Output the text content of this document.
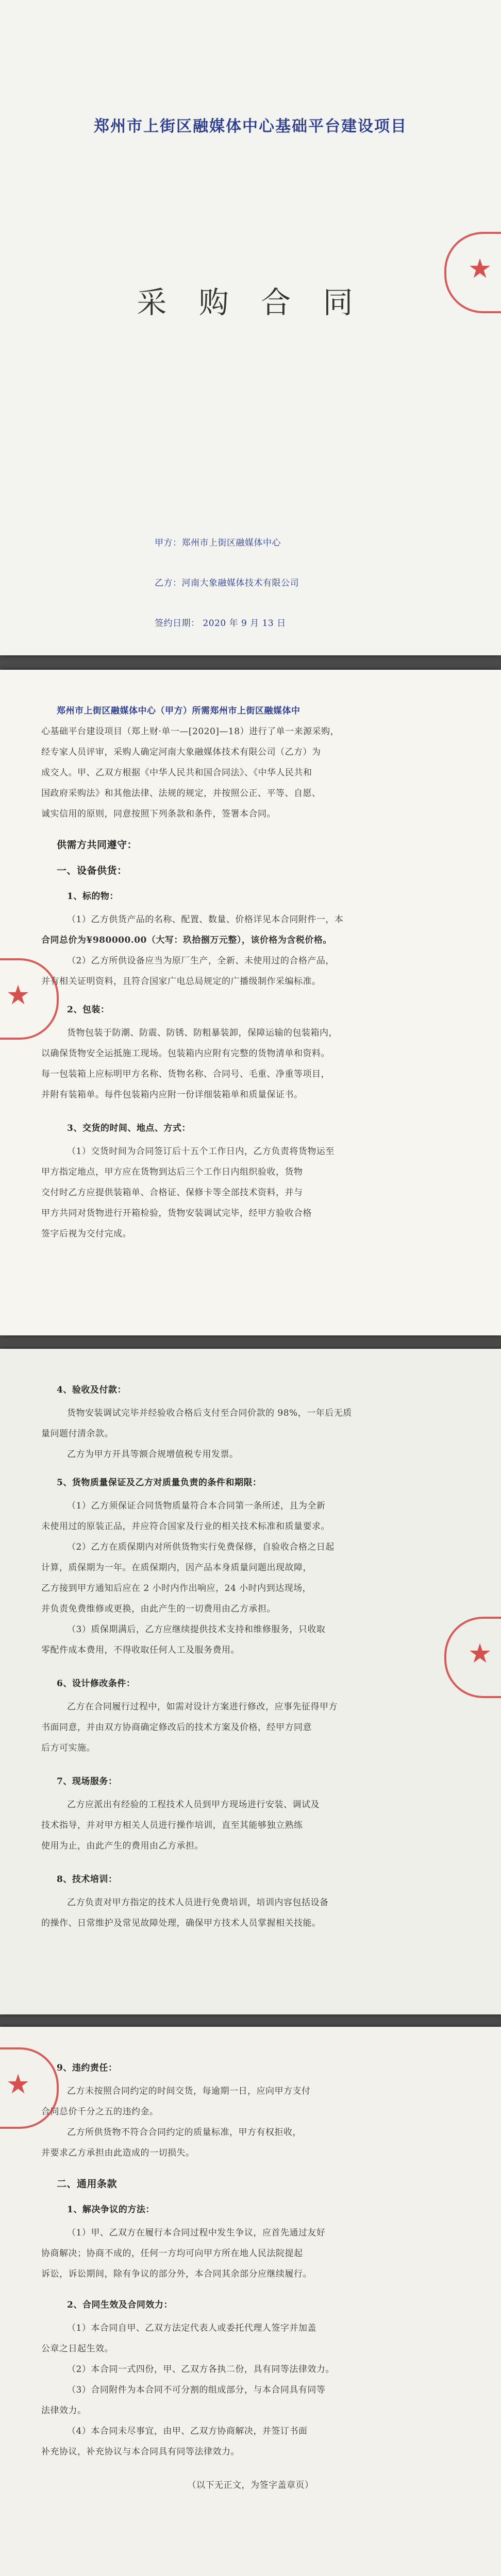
郑州市上街区融媒体中心基础平台建设项目
采 购 合 同
甲方：郑州市上街区融媒体中心
乙方：河南大象融媒体技术有限公司
签约日期： 2020 年 9 月 13 日
★
郑州市上街区融媒体中心（甲方）所需郑州市上街区融媒体中
心基础平台建设项目（郑上财·单一—[2020]—18）进行了单一来源采购，
经专家人员评审，采购人确定河南大象融媒体技术有限公司（乙方）为
成交人。甲、乙双方根据《中华人民共和国合同法》、《中华人民共和
国政府采购法》和其他法律、法规的规定，并按照公正、平等、自愿、
诚实信用的原则，同意按照下列条款和条件，签署本合同。
供需方共同遵守：
一、设备供货：
1、标的物：
（1）乙方供货产品的名称、配置、数量、价格详见本合同附件一，本
合同总价为¥980000.00（大写：玖拾捌万元整），该价格为含税价格。
（2）乙方所供设备应当为原厂生产，全新、未使用过的合格产品，
并有相关证明资料，且符合国家广电总局规定的广播级制作采编标准。
2、包装：
货物包装于防潮、防震、防锈、防粗暴装卸，保障运输的包装箱内，
以确保货物安全运抵施工现场。包装箱内应附有完整的货物清单和资料。
每一包装箱上应标明甲方名称、货物名称、合同号、毛重、净重等项目，
并附有装箱单。每件包装箱内应附一份详细装箱单和质量保证书。
3、交货的时间、地点、方式：
（1）交货时间为合同签订后十五个工作日内，乙方负责将货物运至
甲方指定地点，甲方应在货物到达后三个工作日内组织验收，货物
交付时乙方应提供装箱单、合格证、保修卡等全部技术资料，并与
甲方共同对货物进行开箱检验，货物安装调试完毕，经甲方验收合格
签字后视为交付完成。
★
4、验收及付款：
货物安装调试完毕并经验收合格后支付至合同价款的 98%，一年后无质
量问题付清余款。
乙方为甲方开具等额合规增值税专用发票。
5、货物质量保证及乙方对质量负责的条件和期限：
（1）乙方须保证合同货物质量符合本合同第一条所述，且为全新
未使用过的原装正品，并应符合国家及行业的相关技术标准和质量要求。
（2）乙方在质保期内对所供货物实行免费保修，自验收合格之日起
计算，质保期为一年。在质保期内，因产品本身质量问题出现故障，
乙方接到甲方通知后应在 2 小时内作出响应，24 小时内到达现场，
并负责免费维修或更换，由此产生的一切费用由乙方承担。
（3）质保期满后，乙方应继续提供技术支持和维修服务，只收取
零配件成本费用，不得收取任何人工及服务费用。
6、设计修改条件：
乙方在合同履行过程中，如需对设计方案进行修改，应事先征得甲方
书面同意，并由双方协商确定修改后的技术方案及价格，经甲方同意
后方可实施。
7、现场服务：
乙方应派出有经验的工程技术人员到甲方现场进行安装、调试及
技术指导，并对甲方相关人员进行操作培训，直至其能够独立熟练
使用为止，由此产生的费用由乙方承担。
8、技术培训：
乙方负责对甲方指定的技术人员进行免费培训，培训内容包括设备
的操作、日常维护及常见故障处理，确保甲方技术人员掌握相关技能。
★
9、违约责任：
乙方未按照合同约定的时间交货，每逾期一日，应向甲方支付
合同总价千分之五的违约金。
乙方所供货物不符合合同约定的质量标准，甲方有权拒收，
并要求乙方承担由此造成的一切损失。
二、通用条款
1、解决争议的方法：
（1）甲、乙双方在履行本合同过程中发生争议，应首先通过友好
协商解决；协商不成的，任何一方均可向甲方所在地人民法院提起
诉讼，诉讼期间，除有争议的部分外，本合同其余部分应继续履行。
2、合同生效及合同效力：
（1）本合同自甲、乙双方法定代表人或委托代理人签字并加盖
公章之日起生效。
（2）本合同一式四份，甲、乙双方各执二份，具有同等法律效力。
（3）合同附件为本合同不可分割的组成部分，与本合同具有同等
法律效力。
（4）本合同未尽事宜，由甲、乙双方协商解决，并签订书面
补充协议，补充协议与本合同具有同等法律效力。
（以下无正文，为签字盖章页）
★
